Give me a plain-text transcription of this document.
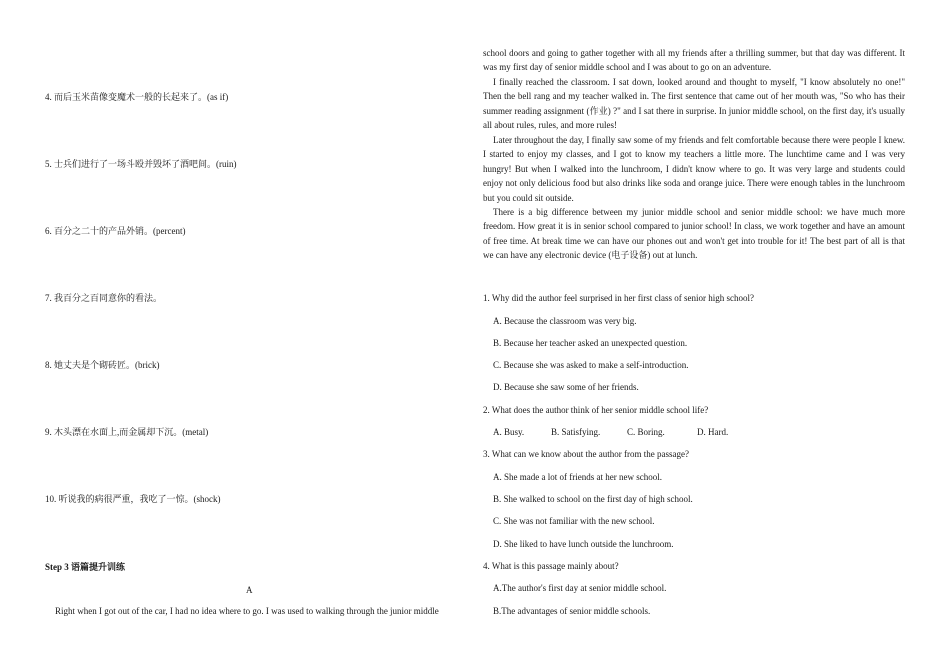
4. 而后玉米苗像变魔术一般的长起来了。(as if)
5. 士兵们进行了一场斗殴并毁坏了酒吧间。(ruin)
6. 百分之二十的产品外销。(percent)
7. 我百分之百同意你的看法。
8. 她丈夫是个砌砖匠。(brick)
9. 木头漂在水面上,而金属却下沉。(metal)
10. 听说我的病很严重，我吃了一惊。(shock)
Step 3 语篇提升训练
A
Right when I got out of the car, I had no idea where to go. I was used to walking through the junior middle
school doors and going to gather together with all my friends after a thrilling summer, but that day was different. It was my first day of senior middle school and I was about to go on an adventure.
I finally reached the classroom. I sat down, looked around and thought to myself, "I know absolutely no one!" Then the bell rang and my teacher walked in. The first sentence that came out of her mouth was, "So who has their summer reading assignment (作业) ?" and I sat there in surprise. In junior middle school, on the first day, it's usually all about rules, rules, and more rules!
Later throughout the day, I finally saw some of my friends and felt comfortable because there were people I knew. I started to enjoy my classes, and I got to know my teachers a little more. The lunchtime came and I was very hungry! But when I walked into the lunchroom, I didn't know where to go. It was very large and students could enjoy not only delicious food but also drinks like soda and orange juice. There were enough tables in the lunchroom but you could sit outside.
There is a big difference between my junior middle school and senior middle school: we have much more freedom. How great it is in senior school compared to junior school! In class, we work together and have an amount of free time. At break time we can have our phones out and won't get into trouble for it! The best part of all is that we can have any electronic device (电子设备) out at lunch.
1. Why did the author feel surprised in her first class of senior high school?
A. Because the classroom was very big.
B. Because her teacher asked an unexpected question.
C. Because she was asked to make a self-introduction.
D. Because she saw some of her friends.
2. What does the author think of her senior middle school life?
A. Busy.	B. Satisfying.	C. Boring.	D. Hard.
3. What can we know about the author from the passage?
A. She made a lot of friends at her new school.
B. She walked to school on the first day of high school.
C. She was not familiar with the new school.
D. She liked to have lunch outside the lunchroom.
4. What is this passage mainly about?
A.The author's first day at senior middle school.
B.The advantages of senior middle schools.
